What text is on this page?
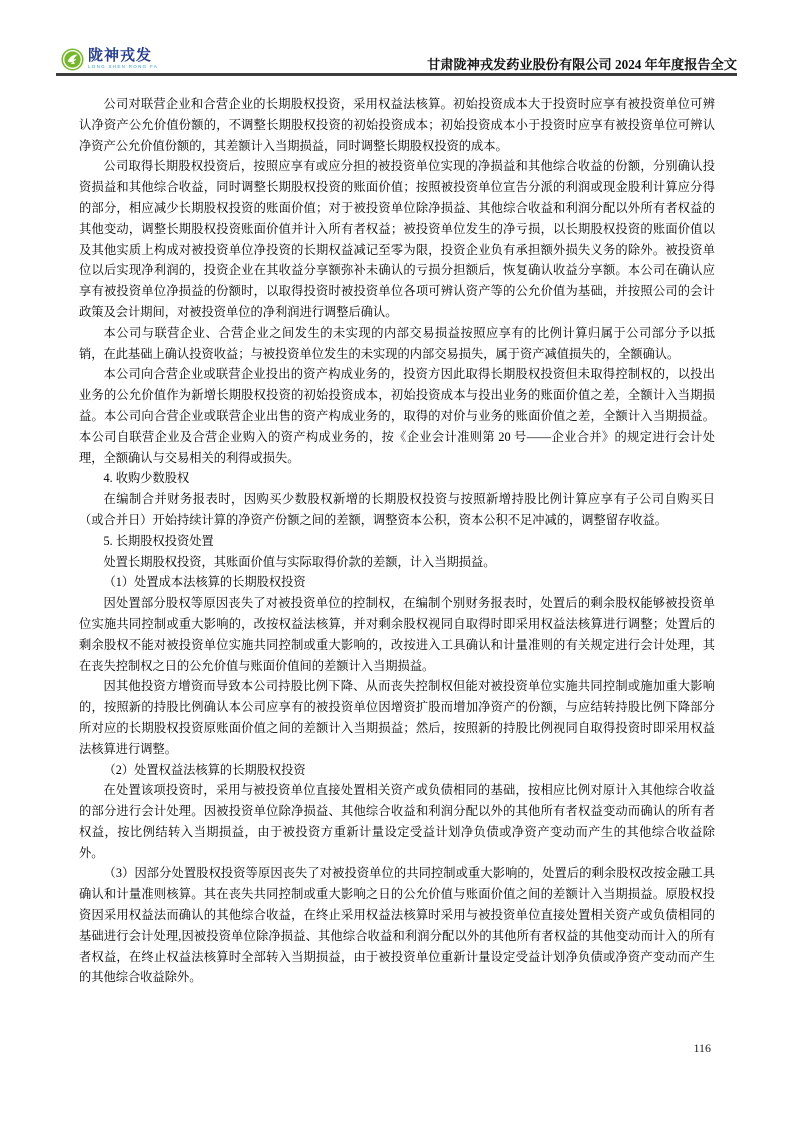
陇神戎发
LONG SHEN RONG FA	甘肃陇神戎发药业股份有限公司 2024 年年度报告全文

公司对联营企业和合营企业的长期股权投资，采用权益法核算。初始投资成本大于投资时应享有被投资单位可辨认净资产公允价值份额的，不调整长期股权投资的初始投资成本；初始投资成本小于投资时应享有被投资单位可辨认净资产公允价值份额的，其差额计入当期损益，同时调整长期股权投资的成本。

公司取得长期股权投资后，按照应享有或应分担的被投资单位实现的净损益和其他综合收益的份额，分别确认投资损益和其他综合收益，同时调整长期股权投资的账面价值；按照被投资单位宣告分派的利润或现金股利计算应分得的部分，相应减少长期股权投资的账面价值；对于被投资单位除净损益、其他综合收益和利润分配以外所有者权益的其他变动，调整长期股权投资账面价值并计入所有者权益；被投资单位发生的净亏损，以长期股权投资的账面价值以及其他实质上构成对被投资单位净投资的长期权益减记至零为限，投资企业负有承担额外损失义务的除外。被投资单位以后实现净利润的，投资企业在其收益分享额弥补未确认的亏损分担额后，恢复确认收益分享额。本公司在确认应享有被投资单位净损益的份额时，以取得投资时被投资单位各项可辨认资产等的公允价值为基础，并按照公司的会计政策及会计期间，对被投资单位的净利润进行调整后确认。

本公司与联营企业、合营企业之间发生的未实现的内部交易损益按照应享有的比例计算归属于公司部分予以抵销，在此基础上确认投资收益；与被投资单位发生的未实现的内部交易损失，属于资产减值损失的，全额确认。

本公司向合营企业或联营企业投出的资产构成业务的，投资方因此取得长期股权投资但未取得控制权的，以投出业务的公允价值作为新增长期股权投资的初始投资成本，初始投资成本与投出业务的账面价值之差，全额计入当期损益。本公司向合营企业或联营企业出售的资产构成业务的，取得的对价与业务的账面价值之差，全额计入当期损益。本公司自联营企业及合营企业购入的资产构成业务的，按《企业会计准则第 20 号——企业合并》的规定进行会计处理，全额确认与交易相关的利得或损失。

4. 收购少数股权

在编制合并财务报表时，因购买少数股权新增的长期股权投资与按照新增持股比例计算应享有子公司自购买日（或合并日）开始持续计算的净资产份额之间的差额，调整资本公积，资本公积不足冲减的，调整留存收益。

5. 长期股权投资处置

处置长期股权投资，其账面价值与实际取得价款的差额，计入当期损益。

（1）处置成本法核算的长期股权投资

因处置部分股权等原因丧失了对被投资单位的控制权，在编制个别财务报表时，处置后的剩余股权能够被投资单位实施共同控制或重大影响的，改按权益法核算，并对剩余股权视同自取得时即采用权益法核算进行调整；处置后的剩余股权不能对被投资单位实施共同控制或重大影响的，改按进入工具确认和计量准则的有关规定进行会计处理，其在丧失控制权之日的公允价值与账面价值间的差额计入当期损益。

因其他投资方增资而导致本公司持股比例下降、从而丧失控制权但能对被投资单位实施共同控制或施加重大影响的，按照新的持股比例确认本公司应享有的被投资单位因增资扩股而增加净资产的份额，与应结转持股比例下降部分所对应的长期股权投资原账面价值之间的差额计入当期损益；然后，按照新的持股比例视同自取得投资时即采用权益法核算进行调整。

（2）处置权益法核算的长期股权投资

在处置该项投资时，采用与被投资单位直接处置相关资产或负债相同的基础，按相应比例对原计入其他综合收益的部分进行会计处理。因被投资单位除净损益、其他综合收益和利润分配以外的其他所有者权益变动而确认的所有者权益，按比例结转入当期损益，由于被投资方重新计量设定受益计划净负债或净资产变动而产生的其他综合收益除外。

（3）因部分处置股权投资等原因丧失了对被投资单位的共同控制或重大影响的，处置后的剩余股权改按金融工具确认和计量准则核算。其在丧失共同控制或重大影响之日的公允价值与账面价值之间的差额计入当期损益。原股权投资因采用权益法而确认的其他综合收益，在终止采用权益法核算时采用与被投资单位直接处置相关资产或负债相同的基础进行会计处理,因被投资单位除净损益、其他综合收益和利润分配以外的其他所有者权益的其他变动而计入的所有者权益，在终止权益法核算时全部转入当期损益，由于被投资单位重新计量设定受益计划净负债或净资产变动而产生的其他综合收益除外。

116
